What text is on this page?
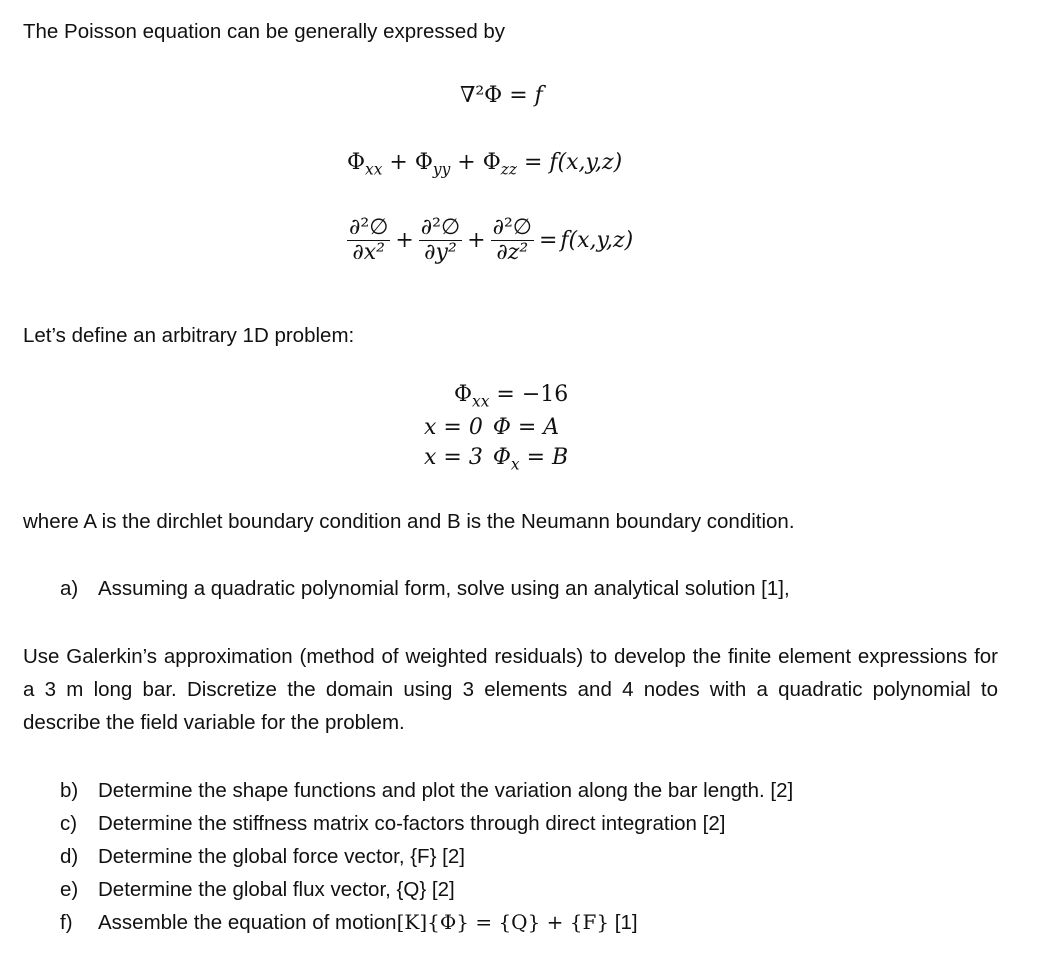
The Poisson equation can be generally expressed by

∇²Φ = f
$\Phi_{xx} + \Phi_{yy} + \Phi_{zz} = f(x,y,z)$
$\frac{\text{∂²∅}}{\text{∂x²}} + \frac{\text{∂²∅}}{\text{∂y²}} + \frac{\text{∂²∅}}{\text{∂z²}} = f(x,y,z)$

Let’s define an arbitrary 1D problem:

$\Phi_{xx} = -16$
x = 0	Φ = A
x = 3	$\Phi_x = B$

where A is the dirchlet boundary condition and B is the Neumann boundary condition.

a) Assuming a quadratic polynomial form, solve using an analytical solution [1],

Use Galerkin’s approximation (method of weighted residuals) to develop the finite element expressions for a 3 m long bar. Discretize the domain using 3 elements and 4 nodes with a quadratic polynomial to describe the field variable for the problem.

b) Determine the shape functions and plot the variation along the bar length. [2]
c)	Determine the stiffness matrix co-factors through direct integration [2]
d) Determine the global force vector, {F} [2]
e) Determine the global flux vector, {Q} [2]
f)	Assemble the equation of motion[K]{Φ} = {Q} + {F} [1]
